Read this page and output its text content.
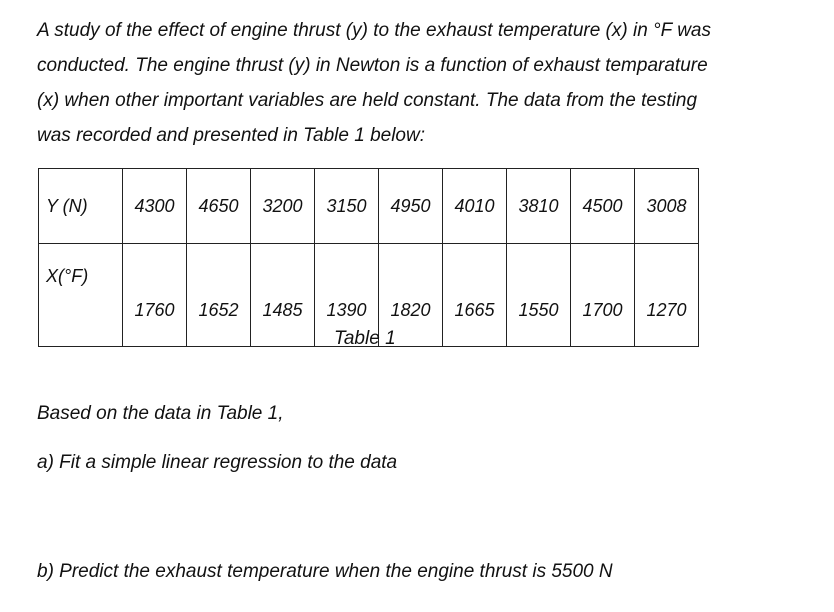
A study of the effect of engine thrust (y) to the exhaust temperature (x) in °F was
conducted. The engine thrust (y) in Newton is a function of exhaust temparature
(x) when other important variables are held constant. The data from the testing
was recorded and presented in Table 1 below:
Y (N)	4300	4650	3200	3150	4950	4010	3810	4500	3008
X(°F)	1760	1652	1485	1390	1820	1665	1550	1700	1270

Table 1

Based on the data in Table 1,

a) Fit a simple linear regression to the data

b) Predict the exhaust temperature when the engine thrust is 5500 N
